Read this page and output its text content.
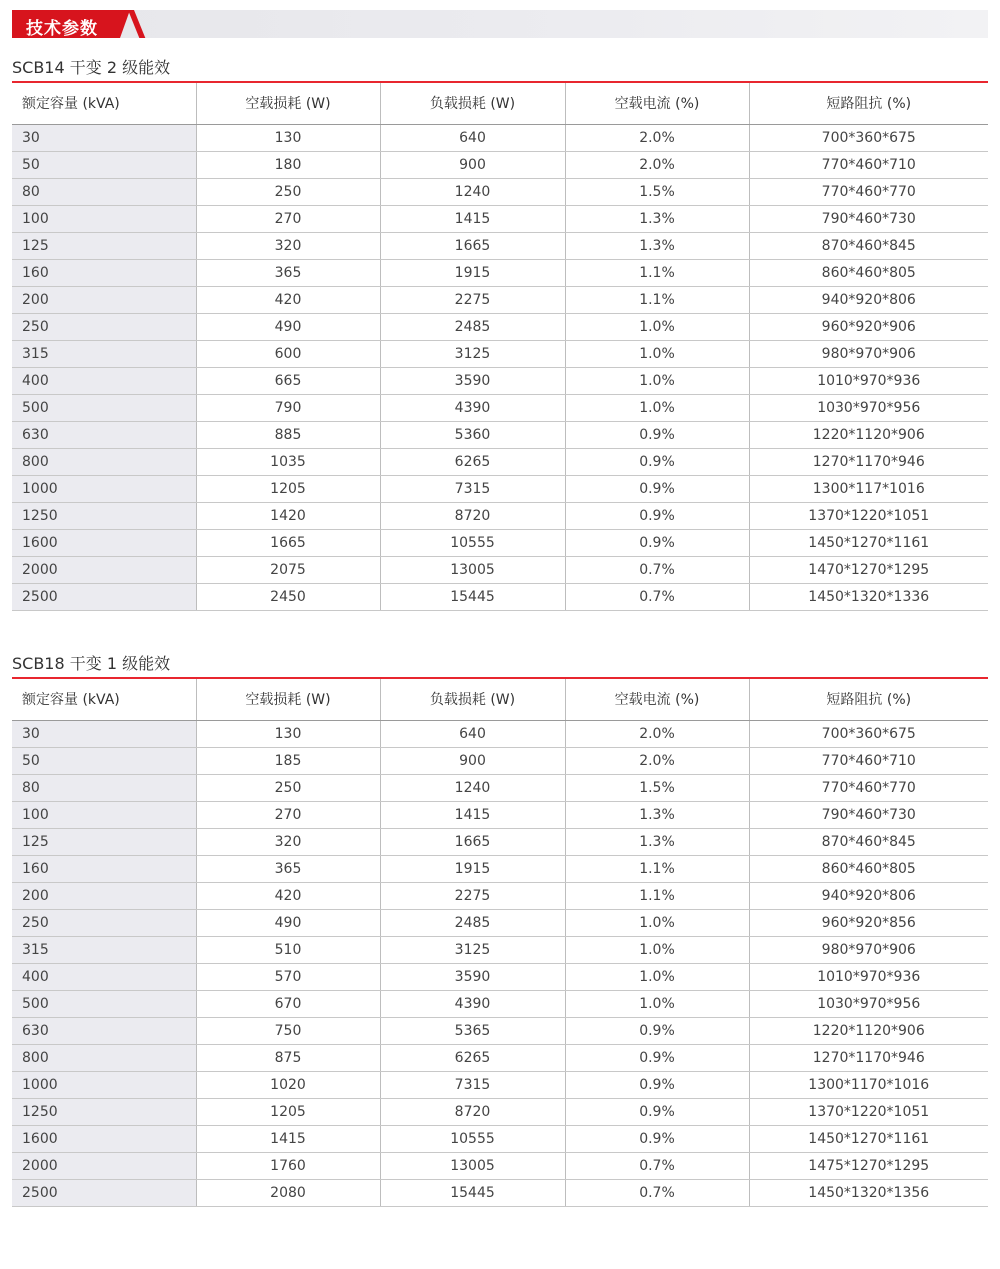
技术参数
SCB14 干变 2 级能效
额定容量 (kVA)	空载损耗 (W)	负载损耗 (W)	空载电流 (%)	短路阻抗 (%)
30	130	640	2.0%	700*360*675
50	180	900	2.0%	770*460*710
80	250	1240	1.5%	770*460*770
100	270	1415	1.3%	790*460*730
125	320	1665	1.3%	870*460*845
160	365	1915	1.1%	860*460*805
200	420	2275	1.1%	940*920*806
250	490	2485	1.0%	960*920*906
315	600	3125	1.0%	980*970*906
400	665	3590	1.0%	1010*970*936
500	790	4390	1.0%	1030*970*956
630	885	5360	0.9%	1220*1120*906
800	1035	6265	0.9%	1270*1170*946
1000	1205	7315	0.9%	1300*117*1016
1250	1420	8720	0.9%	1370*1220*1051
1600	1665	10555	0.9%	1450*1270*1161
2000	2075	13005	0.7%	1470*1270*1295
2500	2450	15445	0.7%	1450*1320*1336
SCB18 干变 1 级能效
额定容量 (kVA)	空载损耗 (W)	负载损耗 (W)	空载电流 (%)	短路阻抗 (%)
30	130	640	2.0%	700*360*675
50	185	900	2.0%	770*460*710
80	250	1240	1.5%	770*460*770
100	270	1415	1.3%	790*460*730
125	320	1665	1.3%	870*460*845
160	365	1915	1.1%	860*460*805
200	420	2275	1.1%	940*920*806
250	490	2485	1.0%	960*920*856
315	510	3125	1.0%	980*970*906
400	570	3590	1.0%	1010*970*936
500	670	4390	1.0%	1030*970*956
630	750	5365	0.9%	1220*1120*906
800	875	6265	0.9%	1270*1170*946
1000	1020	7315	0.9%	1300*1170*1016
1250	1205	8720	0.9%	1370*1220*1051
1600	1415	10555	0.9%	1450*1270*1161
2000	1760	13005	0.7%	1475*1270*1295
2500	2080	15445	0.7%	1450*1320*1356
